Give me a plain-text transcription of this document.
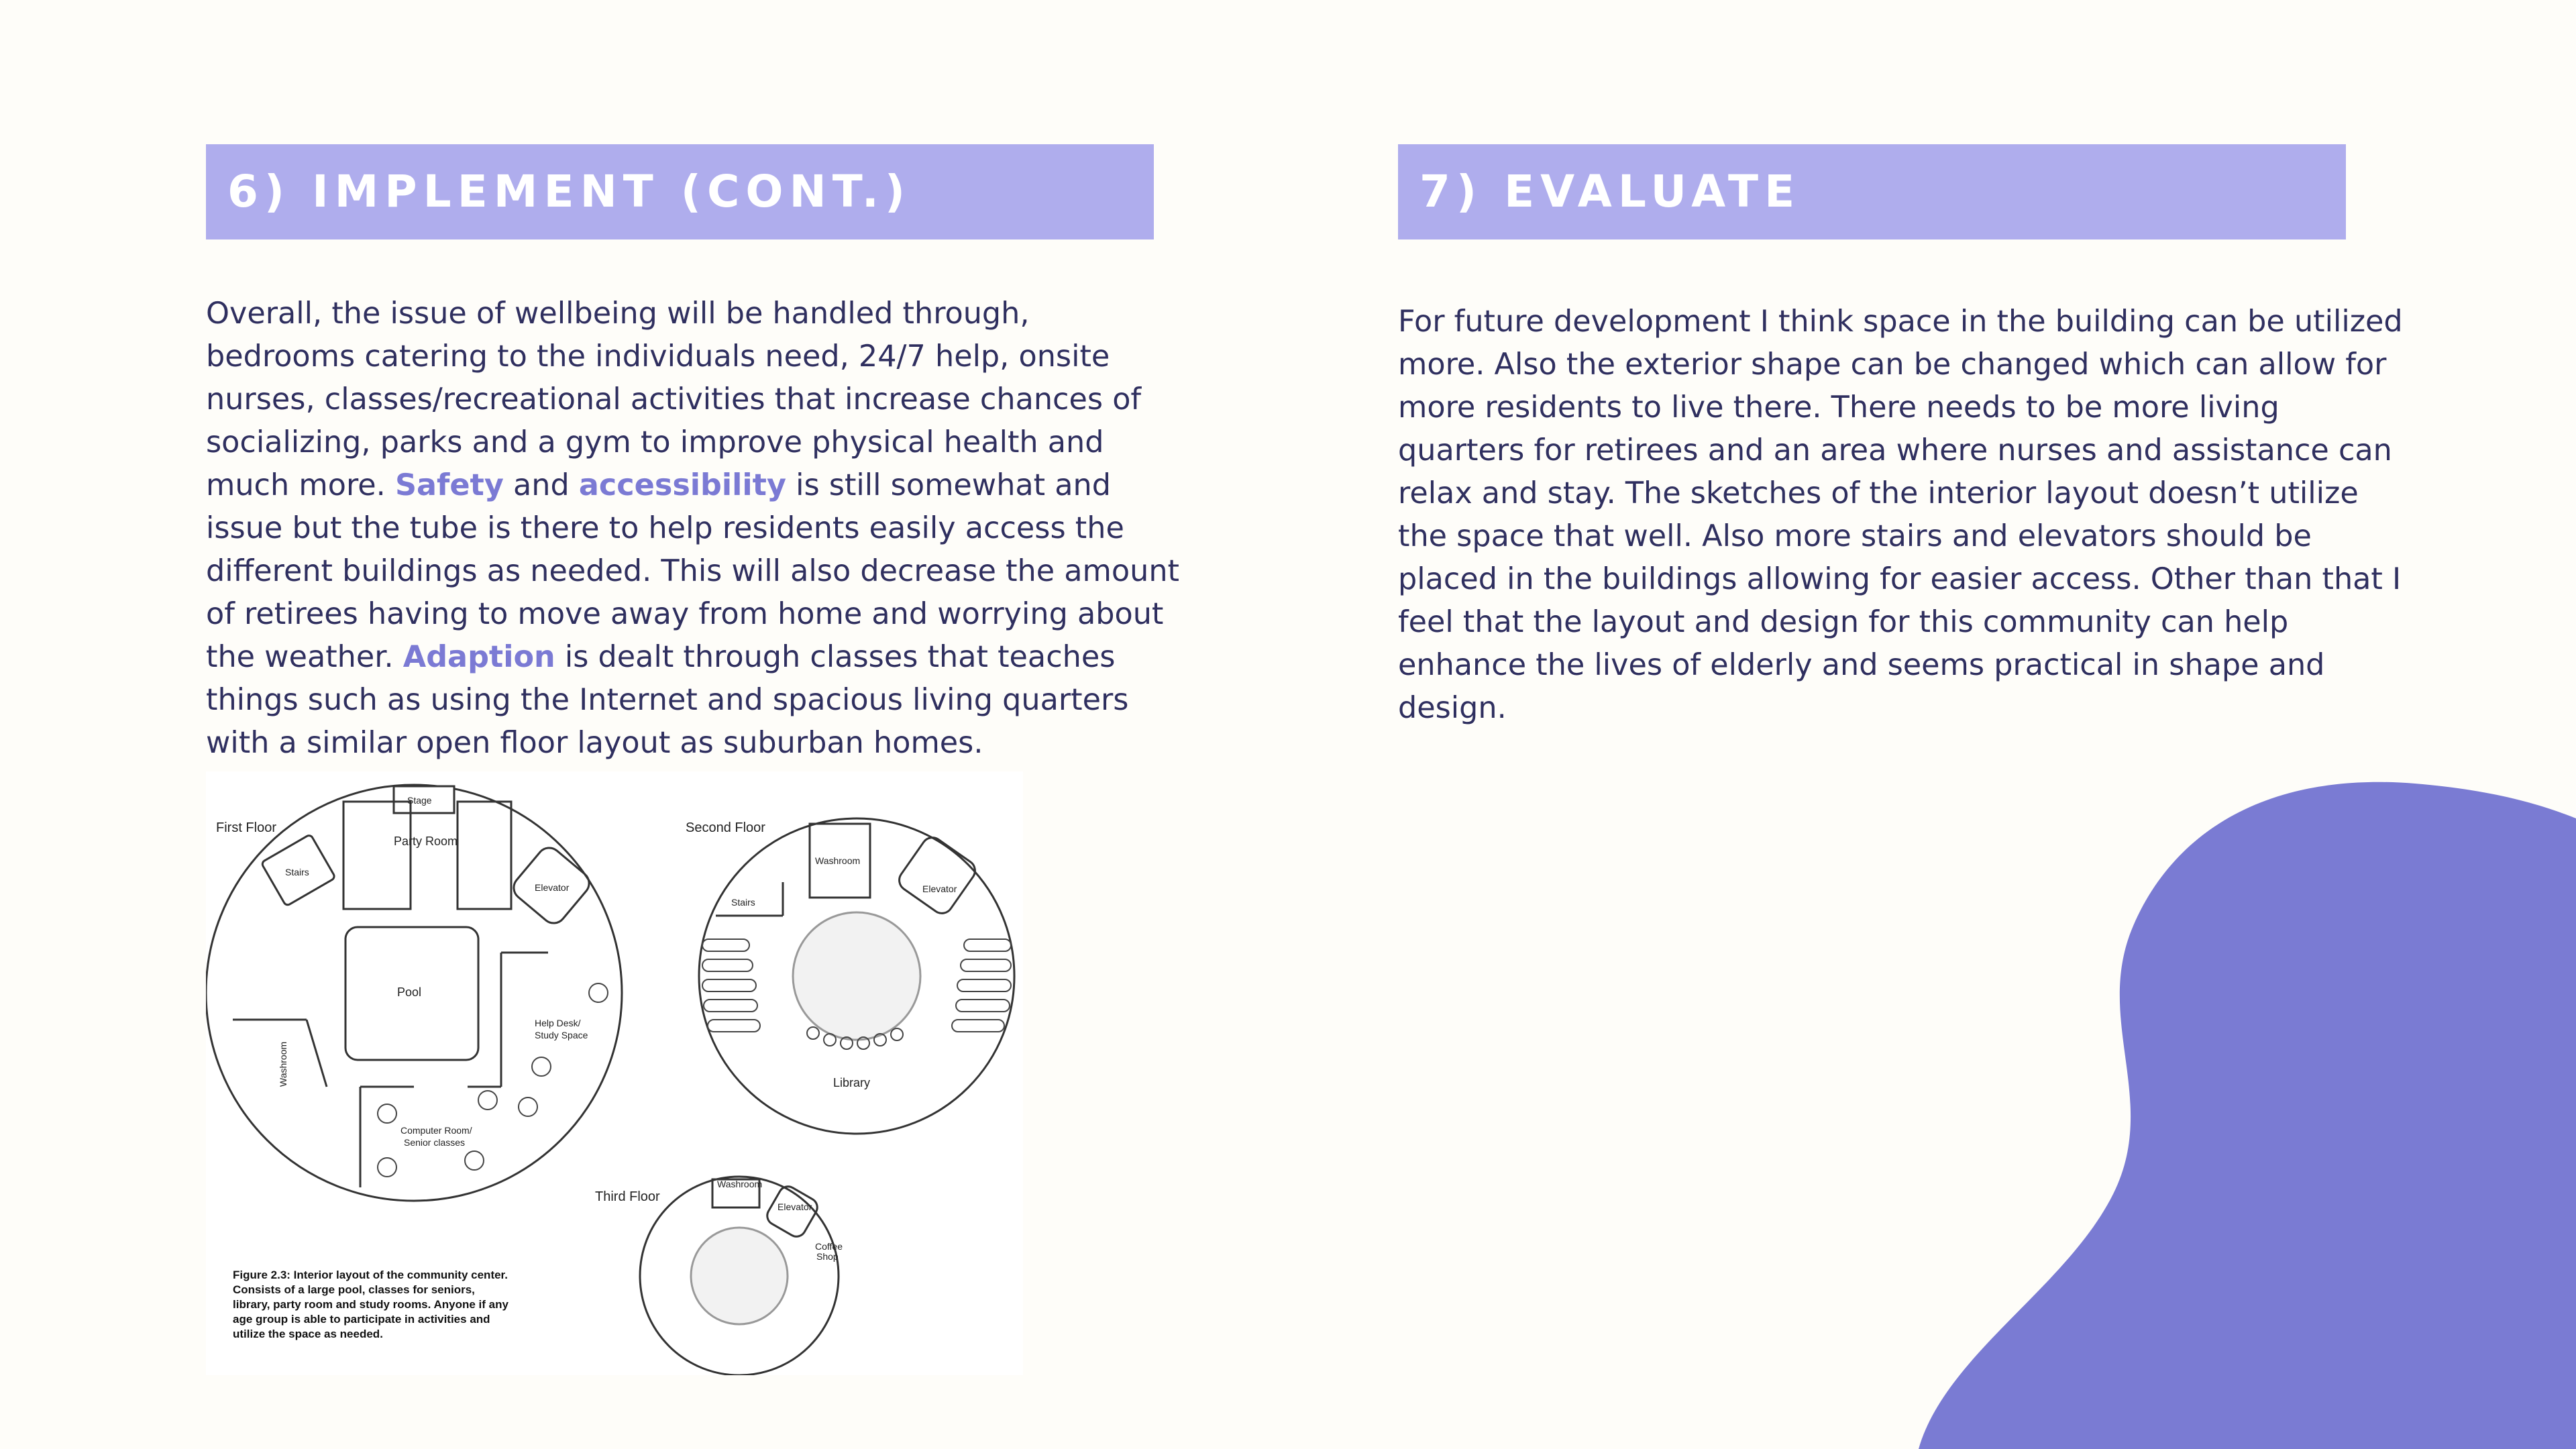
6) IMPLEMENT (CONT.)
Overall, the issue of wellbeing will be handled through, bedrooms catering to the individuals need, 24/7 help, onsite nurses, classes/recreational activities that increase chances of socializing, parks and a gym to improve physical health and much more. Safety and accessibility is still somewhat and issue but the tube is there to help residents easily access the different buildings as needed. This will also decrease the amount of retirees having to move away from home and worrying about the weather. Adaption is dealt through classes that teaches things such as using the Internet and spacious living quarters with a similar open floor layout as suburban homes.
7) EVALUATE
For future development I think space in the building can be utilized more. Also the exterior shape can be changed which can allow for more residents to live there. There needs to be more living quarters for retirees and an area where nurses and assistance can relax and stay. The sketches of the interior layout doesn’t utilize the space that well. Also more stairs and elevators should be placed in the buildings allowing for easier access. Other than that I feel that the layout and design for this community can help enhance the lives of elderly and seems practical in shape and design.
First Floor	Second Floor
Third Floor
Stage
Party Room
Stairs
Elevator
Pool
Help Desk/
Study Space
Washroom
Computer Room/
Senior classes
Washroom
Stairs
Elevator
Library
Washroom
Elevator
Coffee
Shop
Figure 2.3: Interior layout of the community center. Consists of a large pool, classes for seniors, library, party room and study rooms. Anyone if any age group is able to participate in activities and utilize the space as needed.
